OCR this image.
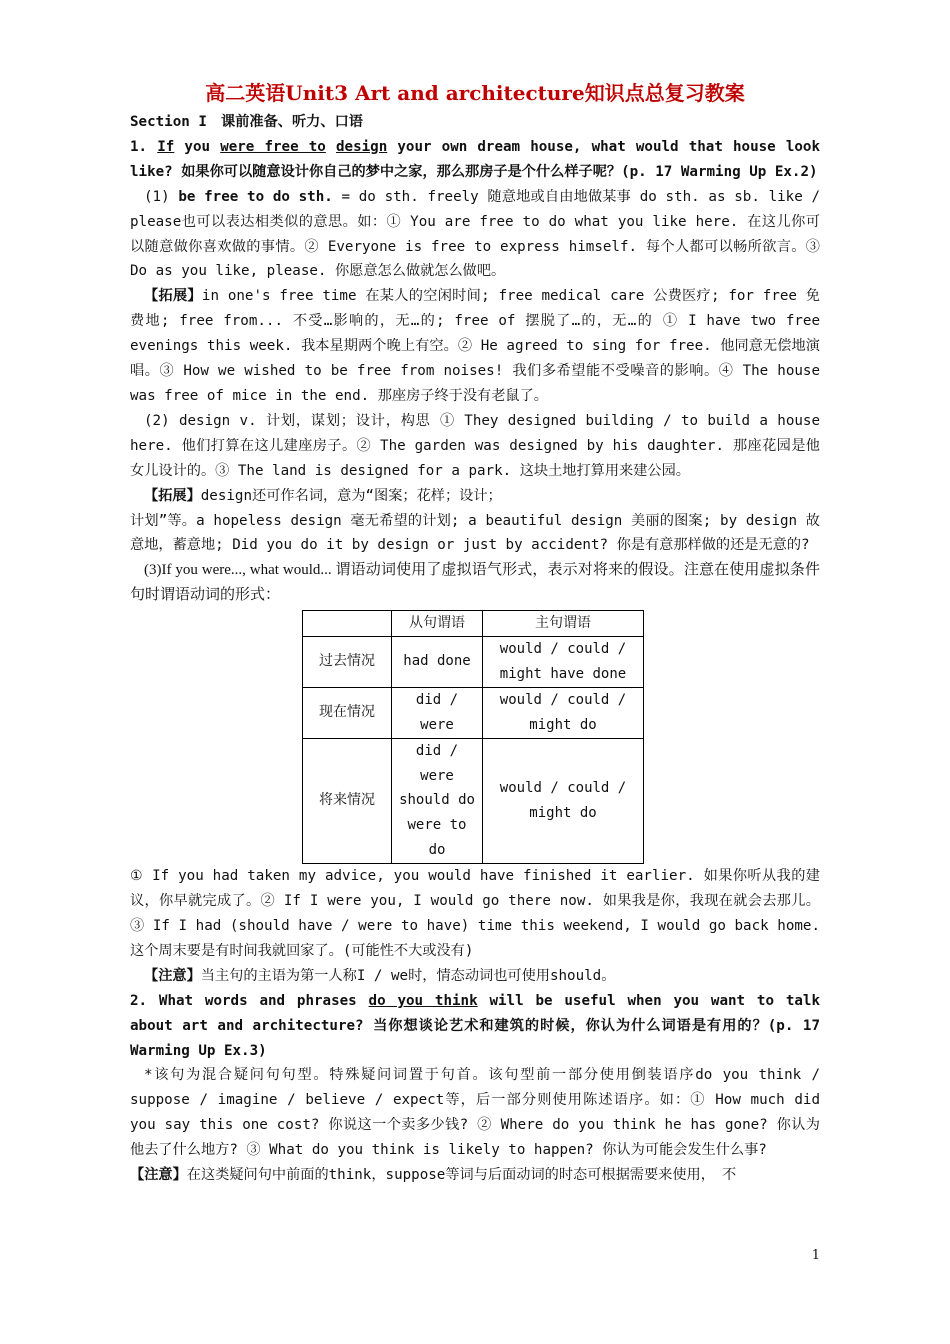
高二英语Unit3 Art and architecture知识点总复习教案

Section I　课前准备、听力、口语

1. If you were free to design your own dream house, what would that house look like? 如果你可以随意设计你自己的梦中之家，那么那房子是个什么样子呢？(p. 17 Warming Up Ex.2)

(1) be free to do sth. = do sth. freely 随意地或自由地做某事 do sth. as sb. like / please也可以表达相类似的意思。如：① You are free to do what you like here. 在这儿你可以随意做你喜欢做的事情。② Everyone is free to express himself. 每个人都可以畅所欲言。③ Do as you like, please. 你愿意怎么做就怎么做吧。

【拓展】in one's free time 在某人的空闲时间; free medical care 公费医疗; for free 免费地; free from... 不受…影响的，无…的; free of 摆脱了…的，无…的 ① I have two free evenings this week. 我本星期两个晚上有空。② He agreed to sing for free. 他同意无偿地演唱。③ How we wished to be free from noises! 我们多希望能不受噪音的影响。④ The house was free of mice in the end. 那座房子终于没有老鼠了。

(2) design v. 计划，谋划；设计，构思 ① They designed building / to build a house here. 他们打算在这儿建座房子。② The garden was designed by his daughter. 那座花园是他女儿设计的。③ The land is designed for a park. 这块土地打算用来建公园。

【拓展】design还可作名词，意为“图案；花样；设计；

计划”等。a hopeless design 毫无希望的计划; a beautiful design 美丽的图案; by design 故意地，蓄意地; Did you do it by design or just by accident? 你是有意那样做的还是无意的?

(3)If you were..., what would... 谓语动词使用了虚拟语气形式，表示对将来的假设。注意在使用虚拟条件句时谓语动词的形式：

	从句谓语	主句谓语
过去情况	had done	would / could / might have done
现在情况	did / were	would / could / might do
将来情况	did / were should do were to do	would / could / might do

① If you had taken my advice, you would have finished it earlier. 如果你听从我的建议，你早就完成了。② If I were you, I would go there now. 如果我是你，我现在就会去那儿。③ If I had (should have / were to have) time this weekend, I would go back home. 这个周末要是有时间我就回家了。(可能性不大或没有)

【注意】当主句的主语为第一人称I / we时，情态动词也可使用should。

2. What words and phrases do you think will be useful when you want to talk about art and architecture? 当你想谈论艺术和建筑的时候，你认为什么词语是有用的？(p. 17 Warming Up Ex.3)

*该句为混合疑问句句型。特殊疑问词置于句首。该句型前一部分使用倒装语序do you think / suppose / imagine / believe / expect等，后一部分则使用陈述语序。如：① How much did you say this one cost? 你说这一个卖多少钱? ② Where do you think he has gone? 你认为他去了什么地方? ③ What do you think is likely to happen? 你认为可能会发生什么事?

【注意】在这类疑问句中前面的think，suppose等词与后面动词的时态可根据需要来使用，　不

1
